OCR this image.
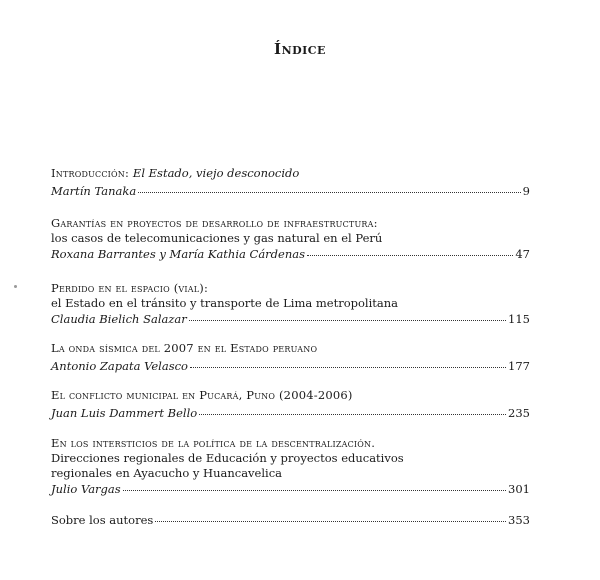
Índice
Introducción: El Estado, viejo desconocido
Martín Tanaka	9
Garantías en proyectos de desarrollo de infraestructura:
los casos de telecomunicaciones y gas natural en el Perú
Roxana Barrantes y María Kathia Cárdenas	47
Perdido en el espacio (vial):
el Estado en el tránsito y transporte de Lima metropolitana
Claudia Bielich Salazar	115
La onda sísmica del 2007 en el Estado peruano
Antonio Zapata Velasco	177
El conflicto municipal en Pucará, Puno (2004-2006)
Juan Luis Dammert Bello	235
En los intersticios de la política de la descentralización.
Direcciones regionales de Educación y proyectos educativos
regionales en Ayacucho y Huancavelica
Julio Vargas	301
Sobre los autores	353
